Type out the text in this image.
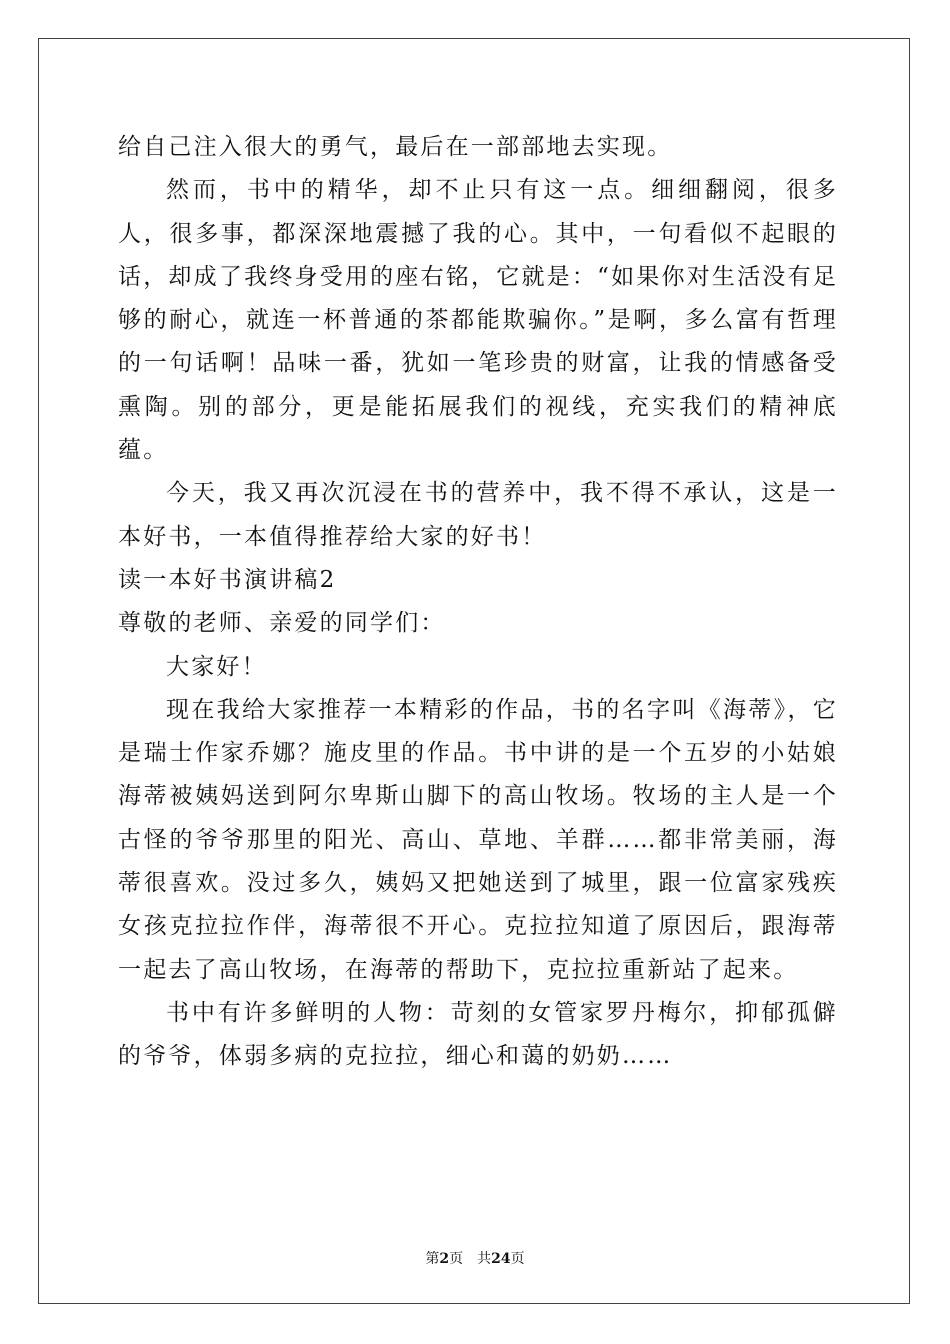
给自己注入很大的勇气，最后在一部部地去实现。

然而，书中的精华，却不止只有这一点。细细翻阅，很多人，很多事，都深深地震撼了我的心。其中，一句看似不起眼的话，却成了我终身受用的座右铭，它就是：“如果你对生活没有足够的耐心，就连一杯普通的茶都能欺骗你。”是啊，多么富有哲理的一句话啊！品味一番，犹如一笔珍贵的财富，让我的情感备受熏陶。别的部分，更是能拓展我们的视线，充实我们的精神底蕴。

今天，我又再次沉浸在书的营养中，我不得不承认，这是一本好书，一本值得推荐给大家的好书！

读一本好书演讲稿2

尊敬的老师、亲爱的同学们：

大家好！

现在我给大家推荐一本精彩的作品，书的名字叫《海蒂》，它是瑞士作家乔娜？施皮里的作品。书中讲的是一个五岁的小姑娘海蒂被姨妈送到阿尔卑斯山脚下的高山牧场。牧场的主人是一个古怪的爷爷那里的阳光、高山、草地、羊群……都非常美丽，海蒂很喜欢。没过多久，姨妈又把她送到了城里，跟一位富家残疾女孩克拉拉作伴，海蒂很不开心。克拉拉知道了原因后，跟海蒂一起去了高山牧场，在海蒂的帮助下，克拉拉重新站了起来。

书中有许多鲜明的人物：苛刻的女管家罗丹梅尔，抑郁孤僻的爷爷，体弱多病的克拉拉，细心和蔼的奶奶……

第2页 共24页
